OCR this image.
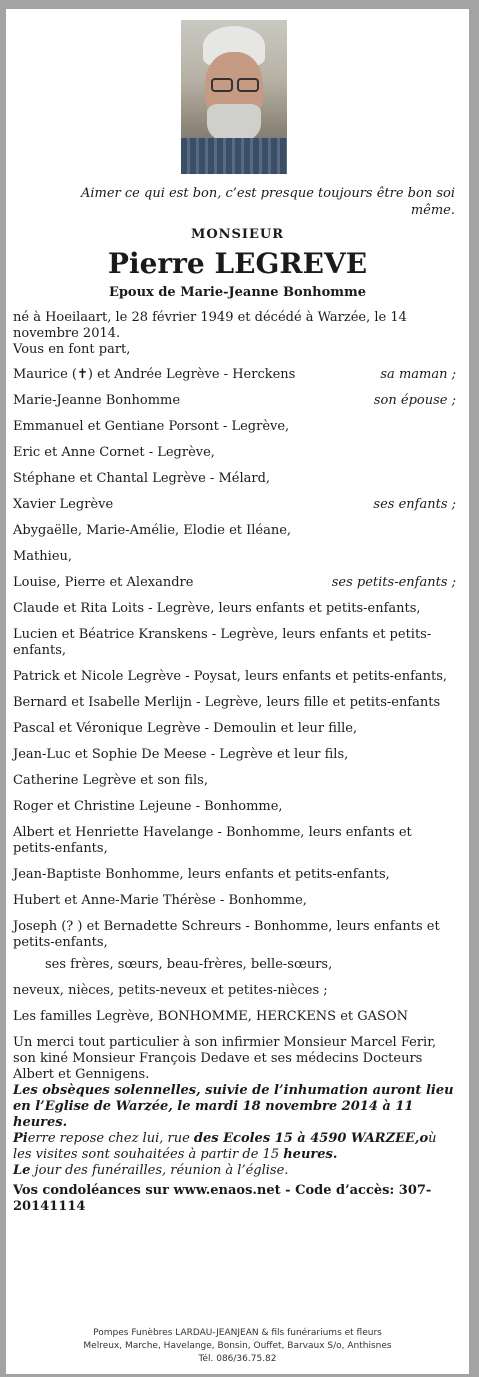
Aimer ce qui est bon, c’est presque toujours être bon soi même.
MONSIEUR
Pierre LEGREVE
Epoux de Marie-Jeanne Bonhomme

né à Hoeilaart, le 28 février 1949 et décédé à Warzée, le 14 novembre 2014.

Vous en font part,

Maurice (✝) et Andrée Legrève - Herckens	sa maman ;
Marie-Jeanne Bonhomme	son épouse ;
Emmanuel et Gentiane Porsont - Legrève,
Eric et Anne Cornet - Legrève,
Stéphane et Chantal Legrève - Mélard,
Xavier Legrève	ses enfants ;
Abygaëlle, Marie-Amélie, Elodie et Iléane,
Mathieu,
Louise, Pierre et Alexandre	ses petits-enfants ;
Claude et Rita Loits - Legrève, leurs enfants et petits-enfants,
Lucien et Béatrice Kranskens - Legrève, leurs enfants et petits-enfants,
Patrick et Nicole Legrève - Poysat, leurs enfants et petits-enfants,
Bernard et Isabelle Merlijn - Legrève, leurs fille et petits-enfants
Pascal et Véronique Legrève - Demoulin et leur fille,
Jean-Luc et Sophie De Meese - Legrève et leur fils,
Catherine Legrève et son fils,
Roger et Christine Lejeune - Bonhomme,
Albert et Henriette Havelange - Bonhomme, leurs enfants et petits-enfants,
Jean-Baptiste Bonhomme, leurs enfants et petits-enfants,
Hubert et Anne-Marie Thérèse - Bonhomme,
Joseph (? ) et Bernadette Schreurs - Bonhomme, leurs enfants et petits-enfants,

ses frères, sœurs, beau-frères, belle-sœurs,

neveux, nièces, petits-neveux et petites-nièces ;

Les familles Legrève, BONHOMME, HERCKENS et GASON

Un merci tout particulier à son infirmier Monsieur Marcel Ferir, son kiné Monsieur François Dedave et ses médecins Docteurs Albert et Gennigens.

Les obsèques solennelles, suivie de l’inhumation auront lieu en l’Eglise de Warzée, le mardi 18 novembre 2014 à 11 heures.

Pierre repose chez lui, rue des Ecoles 15 à 4590 WARZEE,où les visites sont souhaitées à partir de 15 heures.

Le jour des funérailles, réunion à l’église.

Vos condoléances sur www.enaos.net - Code d’accès: 307-20141114

Pompes Funèbres LARDAU-JEANJEAN & fils funérariums et fleurs
Melreux, Marche, Havelange, Bonsin, Ouffet, Barvaux S/o, Anthisnes
Tél. 086/36.75.82
